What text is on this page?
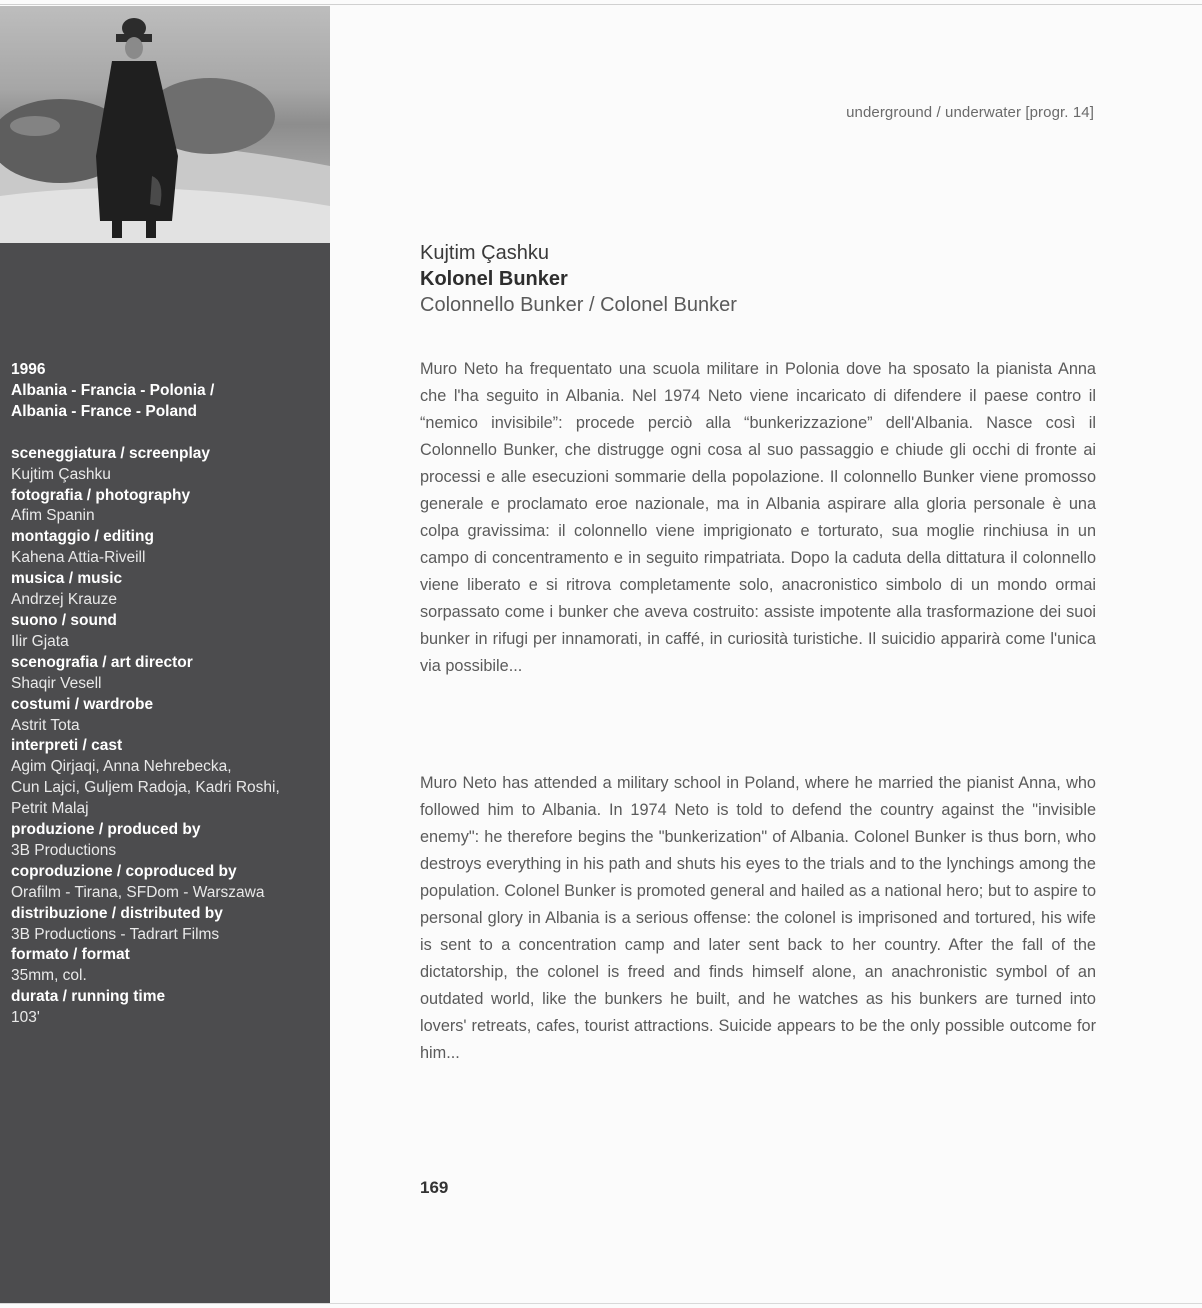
1996
Albania - Francia - Polonia /
Albania - France - Poland
sceneggiatura / screenplay
Kujtim Çashku
fotografia / photography
Afim Spanin
montaggio / editing
Kahena Attia-Riveill
musica / music
Andrzej Krauze
suono / sound
Ilir Gjata
scenografia / art director
Shaqir Vesell
costumi / wardrobe
Astrit Tota
interpreti / cast
Agim Qirjaqi, Anna Nehrebecka,
Cun Lajci, Guljem Radoja, Kadri Roshi,
Petrit Malaj
produzione / produced by
3B Productions
coproduzione / coproduced by
Orafilm - Tirana, SFDom - Warszawa
distribuzione / distributed by
3B Productions - Tadrart Films
formato / format
35mm, col.
durata / running time
103'
underground / underwater [progr. 14]
Kujtim Çashku
Kolonel Bunker
Colonnello Bunker / Colonel Bunker

Muro Neto ha frequentato una scuola militare in Polonia dove ha sposato la pianista Anna che l'ha seguito in Albania. Nel 1974 Neto viene incaricato di difendere il paese contro il “nemico invisibile”: procede perciò alla “bunkerizzazione” dell'Albania. Nasce così il Colonnello Bunker, che distrugge ogni cosa al suo passaggio e chiude gli occhi di fronte ai processi e alle esecuzioni sommarie della popolazione. Il colonnello Bunker viene promosso generale e proclamato eroe nazionale, ma in Albania aspirare alla gloria personale è una colpa gravissima: il colonnello viene imprigionato e torturato, sua moglie rinchiusa in un campo di concentramento e in seguito rimpatriata. Dopo la caduta della dittatura il colonnello viene liberato e si ritrova completamente solo, anacronistico simbolo di un mondo ormai sorpassato come i bunker che aveva costruito: assiste impotente alla trasformazione dei suoi bunker in rifugi per innamorati, in caffé, in curiosità turistiche. Il suicidio apparirà come l'unica via possibile...

Muro Neto has attended a military school in Poland, where he married the pianist Anna, who followed him to Albania. In 1974 Neto is told to defend the country against the "invisible enemy": he therefore begins the "bunkerization" of Albania. Colonel Bunker is thus born, who destroys everything in his path and shuts his eyes to the trials and to the lynchings among the population. Colonel Bunker is promoted general and hailed as a national hero; but to aspire to personal glory in Albania is a serious offense: the colonel is imprisoned and tortured, his wife is sent to a concentration camp and later sent back to her country. After the fall of the dictatorship, the colonel is freed and finds himself alone, an anachronistic symbol of an outdated world, like the bunkers he built, and he watches as his bunkers are turned into lovers' retreats, cafes, tourist attractions. Suicide appears to be the only possible outcome for him...

169
